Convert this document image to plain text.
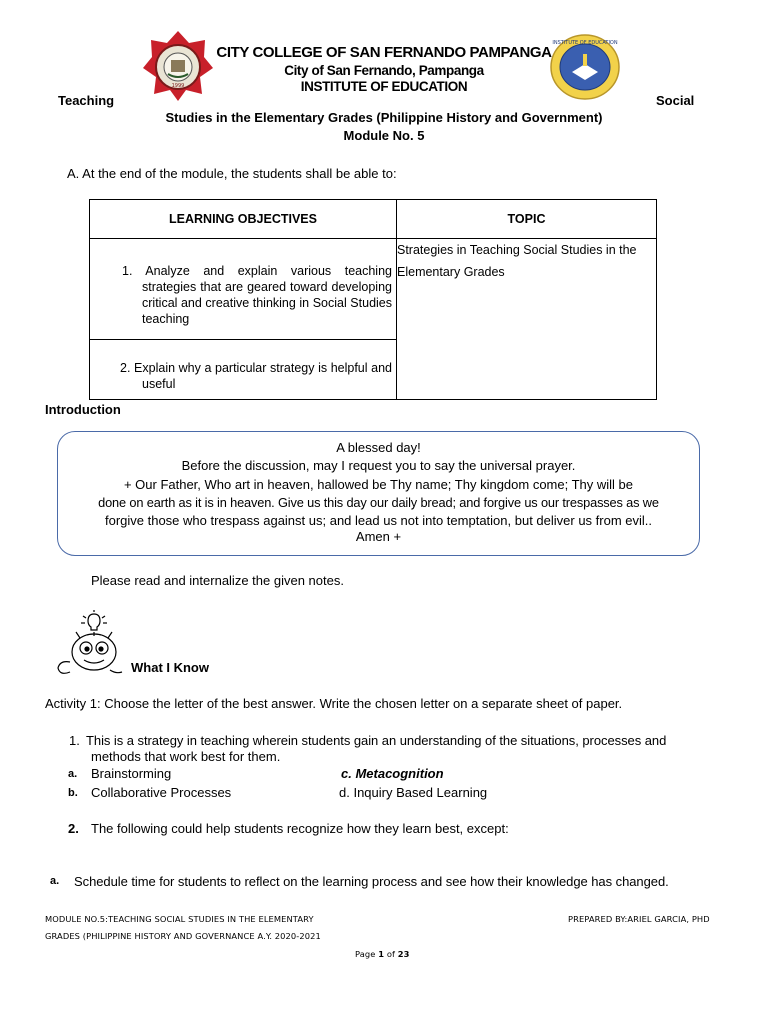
1999
INSTITUTE OF EDUCATION
CITY COLLEGE OF SAN FERNANDO PAMPANGA
City of San Fernando, Pampanga
INSTITUTE OF EDUCATION
Teaching	Social
Studies in the Elementary Grades (Philippine History and Government)
Module No. 5
A. At the end of the module, the students shall be able to:
LEARNING OBJECTIVES	TOPIC

1. Analyze and explain various teaching strategies that are geared toward developing critical and creative thinking in Social Studies teaching	Strategies in Teaching Social Studies in the Elementary Grades

2. Explain why a particular strategy is helpful and useful	
Introduction
A blessed day!
Before the discussion, may I request you to say the universal prayer.
+ Our Father, Who art in heaven, hallowed be Thy name; Thy kingdom come; Thy will be
done on earth as it is in heaven. Give us this day our daily bread; and forgive us our trespasses as we
forgive those who trespass against us; and lead us not into temptation, but deliver us from evil..
Amen +
Please read and internalize the given notes.
What I Know
Activity 1: Choose the letter of the best answer. Write the chosen letter on a separate sheet of paper.
1. This is a strategy in teaching wherein students gain an understanding of the situations, processes and
methods that work best for them.
a. Brainstorming	c. Metacognition
b. Collaborative Processes	d. Inquiry Based Learning
2. The following could help students recognize how they learn best, except:
a. Schedule time for students to reflect on the learning process and see how their knowledge has changed.
MODULE NO.5:TEACHING SOCIAL STUDIES IN THE ELEMENTARY
GRADES (PHILIPPINE HISTORY AND GOVERNANCE A.Y. 2020-2021
PREPARED BY:ARIEL GARCIA, PHD
Page 1 of 23
